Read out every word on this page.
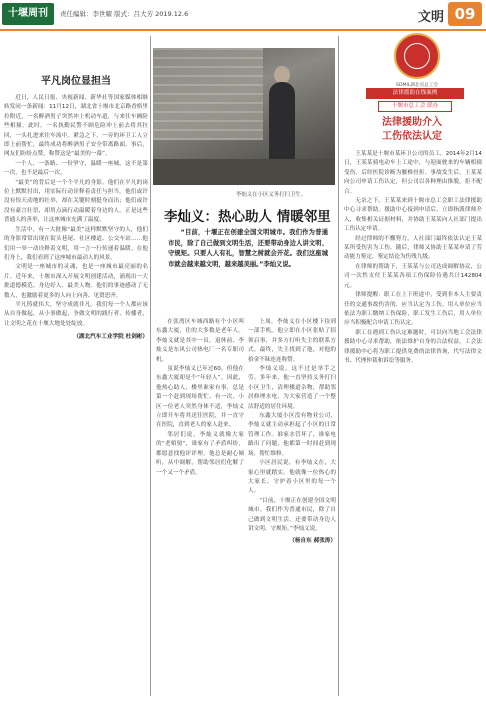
十堰周刊	责任编辑：李世耀 版式：吕大芳 2019.12.6	文明 09
平凡岗位显担当

近日，人民日报、央视新闻、新华社等国家媒体相继转发同一条新闻：11月12日，湖北省十堰市北京路香格里拉附近，一名醉酒男子突然冲上机动车道，与来往车辆险些相撞。此时，一名执勤民警不顾危险冲上前去将其拉回，一头扎进来往车流中。紧急之下，一旁的环卫工人立即上前帮忙，最终成功将醉酒男子安全带离路面。事后，网友们纷纷点赞，称赞这是“最美的一幕”。

一个人、一条路、一份坚守，温暖一座城。这不是第一次，也不是最后一次。

“最美”的背后是一个个平凡的身影。他们在平凡的岗位上默默付出，用实际行动诠释着责任与担当。他们或许没有惊天动地的壮举，却在关键时刻挺身而出；他们或许没有豪言壮语，却用点滴行动温暖着身边的人。正是这些普通人的善举，让这座城市充满了温度。

生活中，有一大批像“最美”这样默默坚守的人，他们的身影常常出现在街头巷尾、社区楼道、公交车站……他们用一举一动诠释着文明，用一言一行传递着温暖。在他们身上，我们看到了这座城市最动人的风景。

文明是一座城市的灵魂，也是一座城市最亮丽的名片。近年来，十堰市深入开展文明创建活动，涌现出一大批道德模范、身边好人、最美人物。他们的事迹感动了无数人，也激励着更多的人向上向善、见贤思齐。

平凡铸就伟大，坚守成就非凡。我们每一个人都应该从自身做起，从小事做起，争做文明的践行者、传播者，让文明之花在十堰大地处处绽放。

（湖北汽车工业学院 杜剑彬）
李灿义在小区义务打扫卫生。
李灿义：热心助人 情暖邻里

“目前，十堰正在创建全国文明城市。我们作为普通市民，除了自己做到文明生活，还要带动身边人讲文明、守规矩。只要人人有礼，智慧之树就会开花。我们这座城市就会越来越文明，越来越美丽。”李灿义说。

在张湾区车城西路有个小区叫东鑫大厦，住的大多数是老年人。李灿义就是其中一员。退休前，李灿义是东风公司热电厂一名专职司机。

虽说李灿义已年过60，但他在东鑫大厦却是个“年轻人”。因此，他热心助人，楼里谁家有事，总是第一个赶到现场帮忙。有一次，小区一位老人突然身体不适，李灿义立即开车将其送往医院，并一直守在医院，直到老人的家人赶来。

邻居们说，李灿义就像大家的“老娘舅”，谁家有了矛盾纠纷，都愿意找他评评理。他总是耐心倾听，从中调解，帮助邻居们化解了一个又一个矛盾。

上周，李灿义在小区楼下捡到一部手机。他立即在小区张贴了招领启事，并多方打听失主的联系方式。最终，失主找到了他，对他的拾金不昧连连称赞。

李灿义说，这不过是举手之劳。多年来，他一直坚持义务打扫小区卫生，清理楼道杂物，帮助邻居修理水电，为大家营造了一个整洁舒适的居住环境。

东鑫大厦小区没有物业公司，李灿义就主动承担起了小区的日常管理工作。谁家水管坏了，谁家电路出了问题，他都第一时间赶到现场，帮忙维修。

小区居民说，有李灿义在，大家心里就踏实。他就像一位热心的大家长，守护着小区里的每一个人。

“目前，十堰正在创建全国文明城市。我们作为普通市民，除了自己做到文明生活，还要带动身边人讲文明、守规矩。”李灿义说。

（杨自东 郝张涛）
SDMIL湖北省总工会
法律援助在线案例
十堰市总工会 联办
法律援助介入
工伤依法认定

王某某是十堰市某环卫公司的员工，2014年2月14日，王某某骑电动车上工途中，与迎面驶来的车辆相撞受伤，后经医院诊断为腰椎骨折。事故发生后，王某某向公司申请工伤认定，但公司以各种理由推脱，拒不配合。

无奈之下，王某某来到十堰市总工会职工法律援助中心寻求帮助。援助中心接到申请后，立即指派律师介入，收集相关证据材料，并协助王某某向人社部门提出工伤认定申请。

经过律师的不懈努力，人社部门最终依法认定王某某所受伤害为工伤。随后，律师又协助王某某申请了劳动能力鉴定，鉴定结论为伤残九级。

在律师的帮助下，王某某与公司达成调解协议，公司一次性支付王某某各项工伤保险待遇共计142804元。

律师提醒：职工在上下班途中，受到非本人主要责任的交通事故伤害的，应当认定为工伤。用人单位应当依法为职工缴纳工伤保险，职工发生工伤后，用人单位应当积极配合申请工伤认定。

职工在遇到工伤认定难题时，可以向当地工会法律援助中心寻求帮助，依法维护自身的合法权益。工会法律援助中心将为职工提供免费的法律咨询、代写法律文书、代理仲裁和诉讼等服务。
